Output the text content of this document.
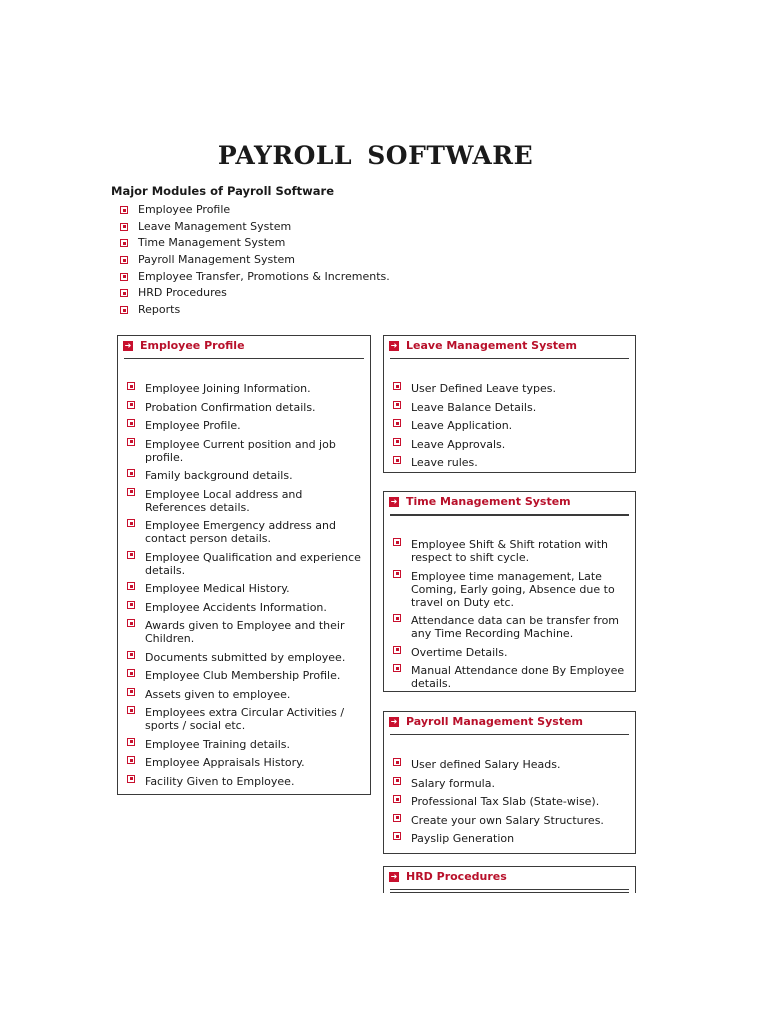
PAYROLL SOFTWARE
Major Modules of Payroll Software
Employee Profile
Leave Management System
Time Management System
Payroll Management System
Employee Transfer, Promotions & Increments.
HRD Procedures
Reports
➜ Employee Profile
Employee Joining Information.
Probation Confirmation details.
Employee Profile.
Employee Current position and job profile.
Family background details.
Employee Local address and References details.
Employee Emergency address and contact person details.
Employee Qualification and experience details.
Employee Medical History.
Employee Accidents Information.
Awards given to Employee and their Children.
Documents submitted by employee.
Employee Club Membership Profile.
Assets given to employee.
Employees extra Circular Activities / sports / social etc.
Employee Training details.
Employee Appraisals History.
Facility Given to Employee.
➜ Leave Management System
User Defined Leave types.
Leave Balance Details.
Leave Application.
Leave Approvals.
Leave rules.
➜ Time Management System
Employee Shift & Shift rotation with respect to shift cycle.
Employee time management, Late Coming, Early going, Absence due to travel on Duty etc.
Attendance data can be transfer from any Time Recording Machine.
Overtime Details.
Manual Attendance done By Employee details.
➜ Payroll Management System
User defined Salary Heads.
Salary formula.
Professional Tax Slab (State-wise).
Create your own Salary Structures.
Payslip Generation
➜ HRD Procedures
